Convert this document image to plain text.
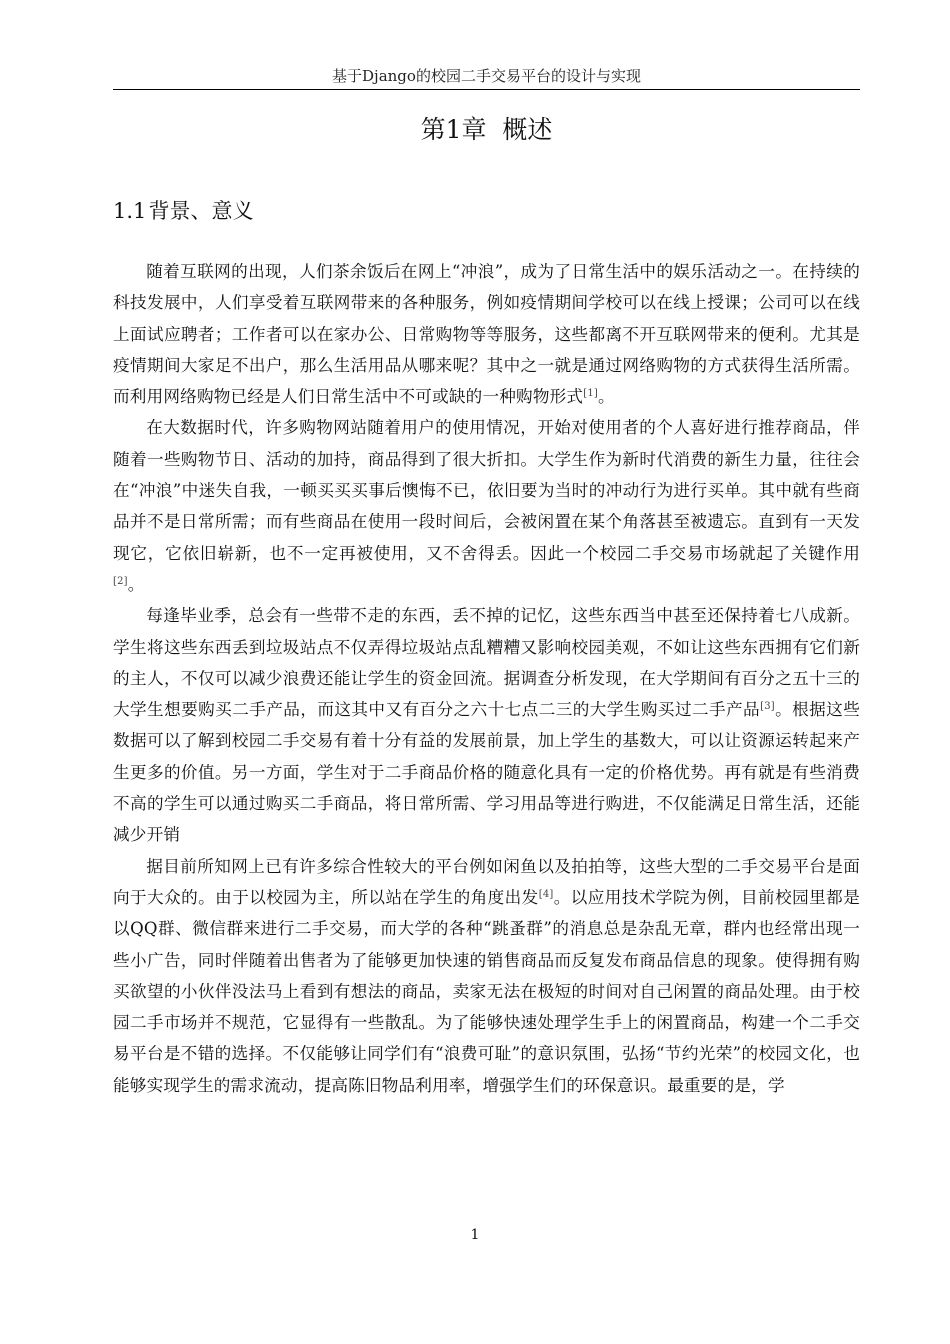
基于Django的校园二手交易平台的设计与实现
第1章 概述
1.1 背景、意义

随着互联网的出现，人们茶余饭后在网上“冲浪”，成为了日常生活中的娱乐活动之一。在持续的科技发展中，人们享受着互联网带来的各种服务，例如疫情期间学校可以在线上授课；公司可以在线上面试应聘者；工作者可以在家办公、日常购物等等服务，这些都离不开互联网带来的便利。尤其是疫情期间大家足不出户，那么生活用品从哪来呢？其中之一就是通过网络购物的方式获得生活所需。而利用网络购物已经是人们日常生活中不可或缺的一种购物形式[1]。

在大数据时代，许多购物网站随着用户的使用情况，开始对使用者的个人喜好进行推荐商品，伴随着一些购物节日、活动的加持，商品得到了很大折扣。大学生作为新时代消费的新生力量，往往会在“冲浪”中迷失自我，一顿买买买事后懊悔不已，依旧要为当时的冲动行为进行买单。其中就有些商品并不是日常所需；而有些商品在使用一段时间后，会被闲置在某个角落甚至被遗忘。直到有一天发现它，它依旧崭新，也不一定再被使用，又不舍得丢。因此一个校园二手交易市场就起了关键作用[2]。

每逢毕业季，总会有一些带不走的东西，丢不掉的记忆，这些东西当中甚至还保持着七八成新。学生将这些东西丢到垃圾站点不仅弄得垃圾站点乱糟糟又影响校园美观，不如让这些东西拥有它们新的主人，不仅可以减少浪费还能让学生的资金回流。据调查分析发现，在大学期间有百分之五十三的大学生想要购买二手产品，而这其中又有百分之六十七点二三的大学生购买过二手产品[3]。根据这些数据可以了解到校园二手交易有着十分有益的发展前景，加上学生的基数大，可以让资源运转起来产生更多的价值。另一方面，学生对于二手商品价格的随意化具有一定的价格优势。再有就是有些消费不高的学生可以通过购买二手商品，将日常所需、学习用品等进行购进，不仅能满足日常生活，还能减少开销

据目前所知网上已有许多综合性较大的平台例如闲鱼以及拍拍等，这些大型的二手交易平台是面向于大众的。由于以校园为主，所以站在学生的角度出发[4]。以应用技术学院为例，目前校园里都是以QQ群、微信群来进行二手交易，而大学的各种“跳蚤群”的消息总是杂乱无章，群内也经常出现一些小广告，同时伴随着出售者为了能够更加快速的销售商品而反复发布商品信息的现象。使得拥有购买欲望的小伙伴没法马上看到有想法的商品，卖家无法在极短的时间对自己闲置的商品处理。由于校园二手市场并不规范，它显得有一些散乱。为了能够快速处理学生手上的闲置商品，构建一个二手交易平台是不错的选择。不仅能够让同学们有“浪费可耻”的意识氛围，弘扬“节约光荣”的校园文化，也能够实现学生的需求流动，提高陈旧物品利用率，增强学生们的环保意识。最重要的是，学

1
